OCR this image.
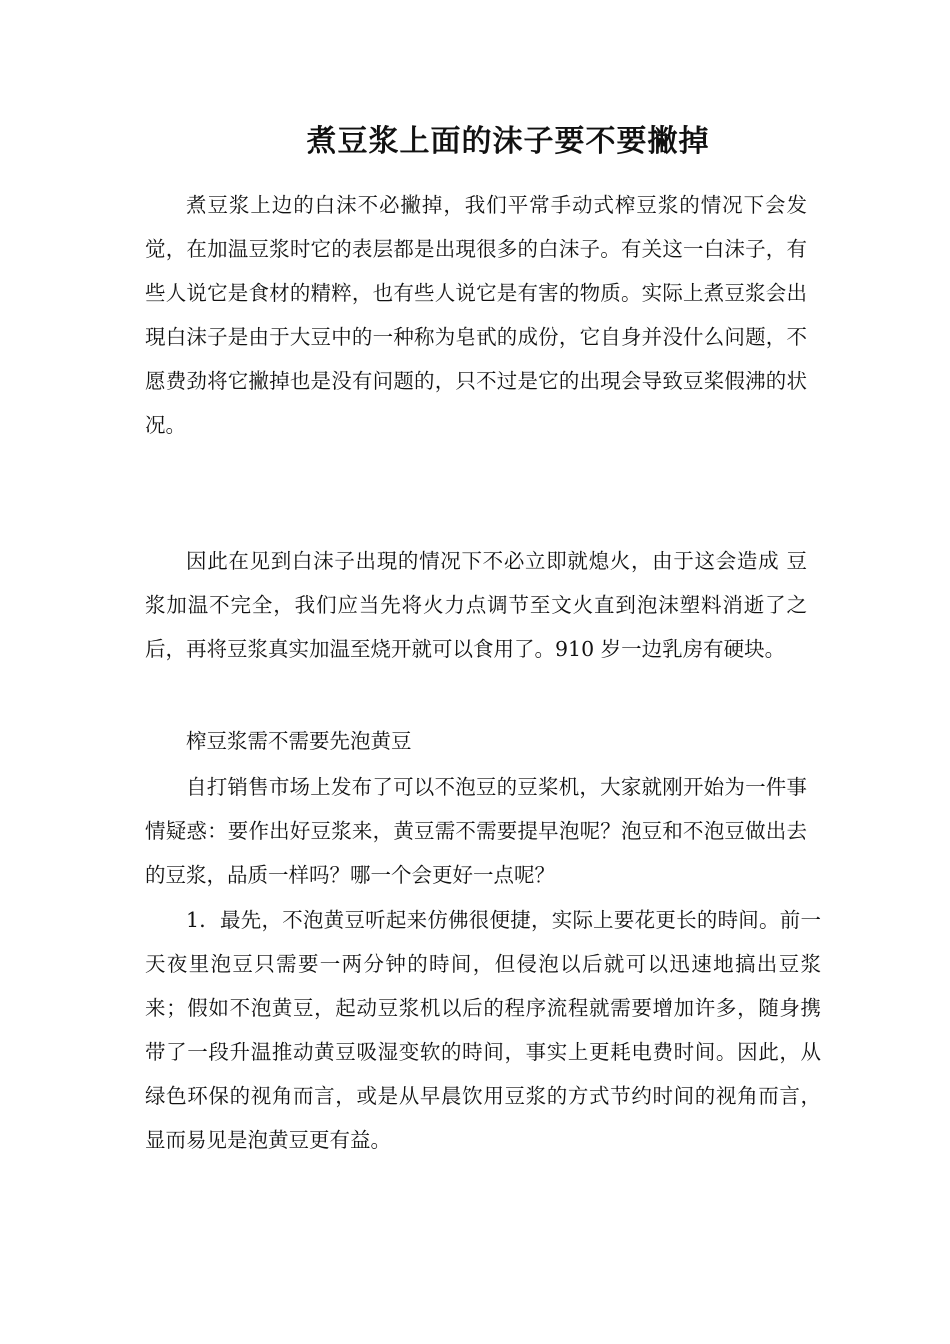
煮豆浆上面的沫子要不要撇掉

煮豆浆上边的白沫不必撇掉，我们平常手动式榨豆浆的情况下会发觉，在加温豆浆时它的表层都是出現很多的白沫子。有关这一白沫子，有些人说它是食材的精粹，也有些人说它是有害的物质。实际上煮豆浆会出現白沫子是由于大豆中的一种称为皂甙的成份，它自身并没什么问题，不愿费劲将它撇掉也是没有问题的，只不过是它的出現会导致豆桨假沸的状况。

因此在见到白沫子出現的情况下不必立即就熄火，由于这会造成 豆浆加温不完全，我们应当先将火力点调节至文火直到泡沫塑料消逝了之后，再将豆浆真实加温至烧开就可以食用了。910 岁一边乳房有硬块。

榨豆浆需不需要先泡黄豆

自打销售市场上发布了可以不泡豆的豆桨机，大家就刚开始为一件事情疑惑：要作出好豆浆来，黄豆需不需要提早泡呢？泡豆和不泡豆做出去的豆浆，品质一样吗？哪一个会更好一点呢？

1．最先，不泡黄豆听起来仿佛很便捷，实际上要花更长的時间。前一天夜里泡豆只需要一两分钟的時间，但侵泡以后就可以迅速地搞出豆浆来；假如不泡黄豆，起动豆浆机以后的程序流程就需要增加许多，随身携带了一段升温推动黄豆吸湿变软的時间，事实上更耗电费时间。因此，从绿色环保的视角而言，或是从早晨饮用豆浆的方式节约时间的视角而言，显而易见是泡黄豆更有益。
